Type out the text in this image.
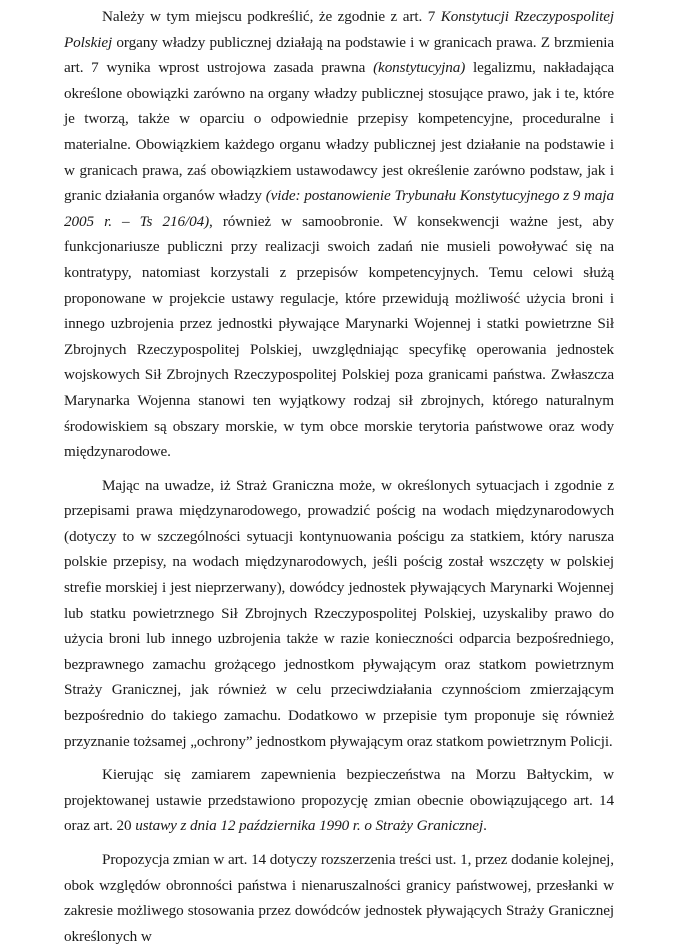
Należy w tym miejscu podkreślić, że zgodnie z art. 7 Konstytucji Rzeczypospolitej Polskiej organy władzy publicznej działają na podstawie i w granicach prawa. Z brzmienia art. 7 wynika wprost ustrojowa zasada prawna (konstytucyjna) legalizmu, nakładająca określone obowiązki zarówno na organy władzy publicznej stosujące prawo, jak i te, które je tworzą, także w oparciu o odpowiednie przepisy kompetencyjne, proceduralne i materialne. Obowiązkiem każdego organu władzy publicznej jest działanie na podstawie i w granicach prawa, zaś obowiązkiem ustawodawcy jest określenie zarówno podstaw, jak i granic działania organów władzy (vide: postanowienie Trybunału Konstytucyjnego z 9 maja 2005 r. – Ts 216/04), również w samoobronie. W konsekwencji ważne jest, aby funkcjonariusze publiczni przy realizacji swoich zadań nie musieli powoływać się na kontratypy, natomiast korzystali z przepisów kompetencyjnych. Temu celowi służą proponowane w projekcie ustawy regulacje, które przewidują możliwość użycia broni i innego uzbrojenia przez jednostki pływające Marynarki Wojennej i statki powietrzne Sił Zbrojnych Rzeczypospolitej Polskiej, uwzględniając specyfikę operowania jednostek wojskowych Sił Zbrojnych Rzeczypospolitej Polskiej poza granicami państwa. Zwłaszcza Marynarka Wojenna stanowi ten wyjątkowy rodzaj sił zbrojnych, którego naturalnym środowiskiem są obszary morskie, w tym obce morskie terytoria państwowe oraz wody międzynarodowe.

Mając na uwadze, iż Straż Graniczna może, w określonych sytuacjach i zgodnie z przepisami prawa międzynarodowego, prowadzić pościg na wodach międzynarodowych (dotyczy to w szczególności sytuacji kontynuowania pościgu za statkiem, który narusza polskie przepisy, na wodach międzynarodowych, jeśli pościg został wszczęty w polskiej strefie morskiej i jest nieprzerwany), dowódcy jednostek pływających Marynarki Wojennej lub statku powietrznego Sił Zbrojnych Rzeczypospolitej Polskiej, uzyskaliby prawo do użycia broni lub innego uzbrojenia także w razie konieczności odparcia bezpośredniego, bezprawnego zamachu grożącego jednostkom pływającym oraz statkom powietrznym Straży Granicznej, jak również w celu przeciwdziałania czynnościom zmierzającym bezpośrednio do takiego zamachu. Dodatkowo w przepisie tym proponuje się również przyznanie tożsamej „ochrony” jednostkom pływającym oraz statkom powietrznym Policji.

Kierując się zamiarem zapewnienia bezpieczeństwa na Morzu Bałtyckim, w projektowanej ustawie przedstawiono propozycję zmian obecnie obowiązującego art. 14 oraz art. 20 ustawy z dnia 12 października 1990 r. o Straży Granicznej.

Propozycja zmian w art. 14 dotyczy rozszerzenia treści ust. 1, przez dodanie kolejnej, obok względów obronności państwa i nienaruszalności granicy państwowej, przesłanki w zakresie możliwego stosowania przez dowódców jednostek pływających Straży Granicznej określonych w
